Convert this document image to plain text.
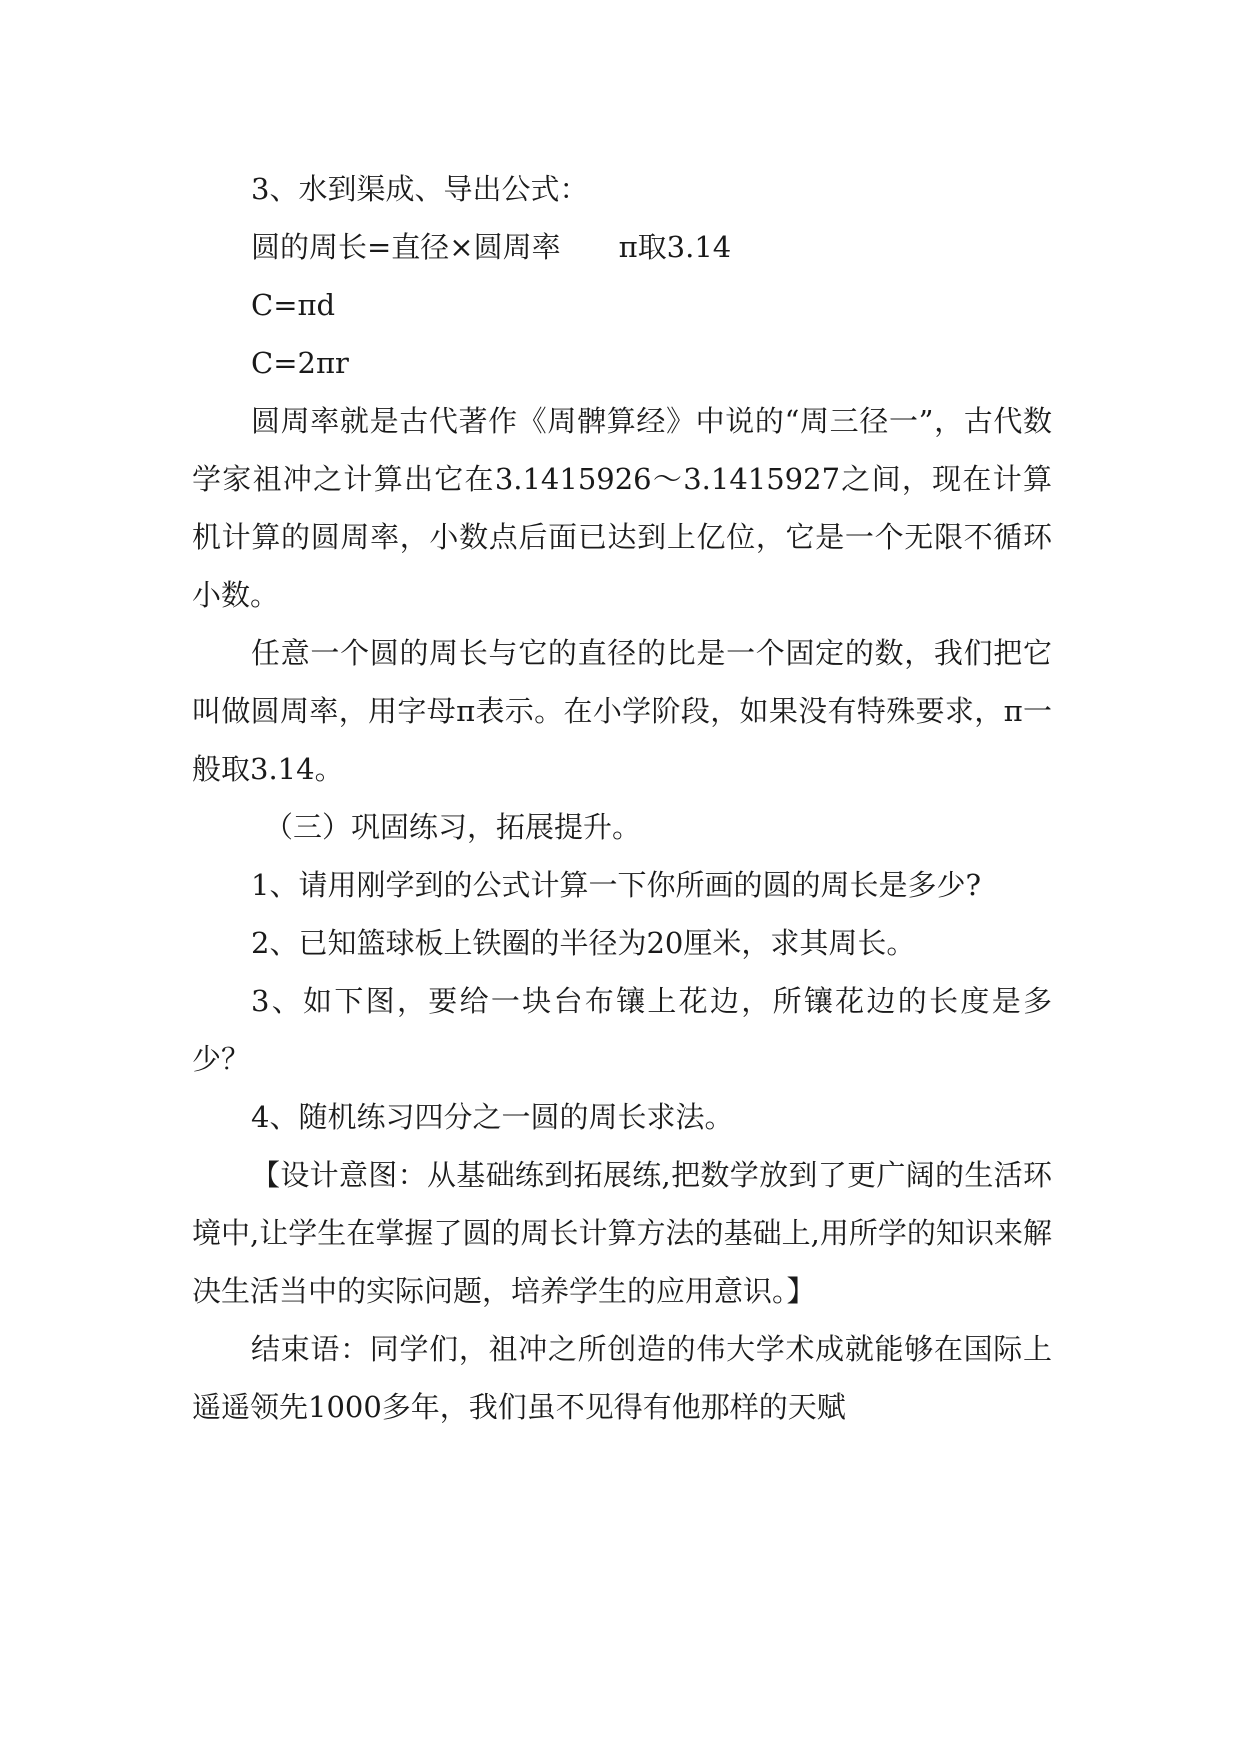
3、水到渠成、导出公式：

圆的周长=直径×圆周率　　π取3.14

C=πd

C=2πr

圆周率就是古代著作《周髀算经》中说的“周三径一”，古代数学家祖冲之计算出它在3.1415926～3.1415927之间，现在计算机计算的圆周率，小数点后面已达到上亿位，它是一个无限不循环小数。

任意一个圆的周长与它的直径的比是一个固定的数，我们把它叫做圆周率，用字母π表示。在小学阶段，如果没有特殊要求，π一般取3.14。

（三）巩固练习，拓展提升。

1、请用刚学到的公式计算一下你所画的圆的周长是多少?

2、已知篮球板上铁圈的半径为20厘米，求其周长。

3、如下图，要给一块台布镶上花边，所镶花边的长度是多少？

4、随机练习四分之一圆的周长求法。

【设计意图：从基础练到拓展练,把数学放到了更广阔的生活环境中,让学生在掌握了圆的周长计算方法的基础上,用所学的知识来解决生活当中的实际问题，培养学生的应用意识。】

结束语：同学们，祖冲之所创造的伟大学术成就能够在国际上遥遥领先1000多年，我们虽不见得有他那样的天赋
